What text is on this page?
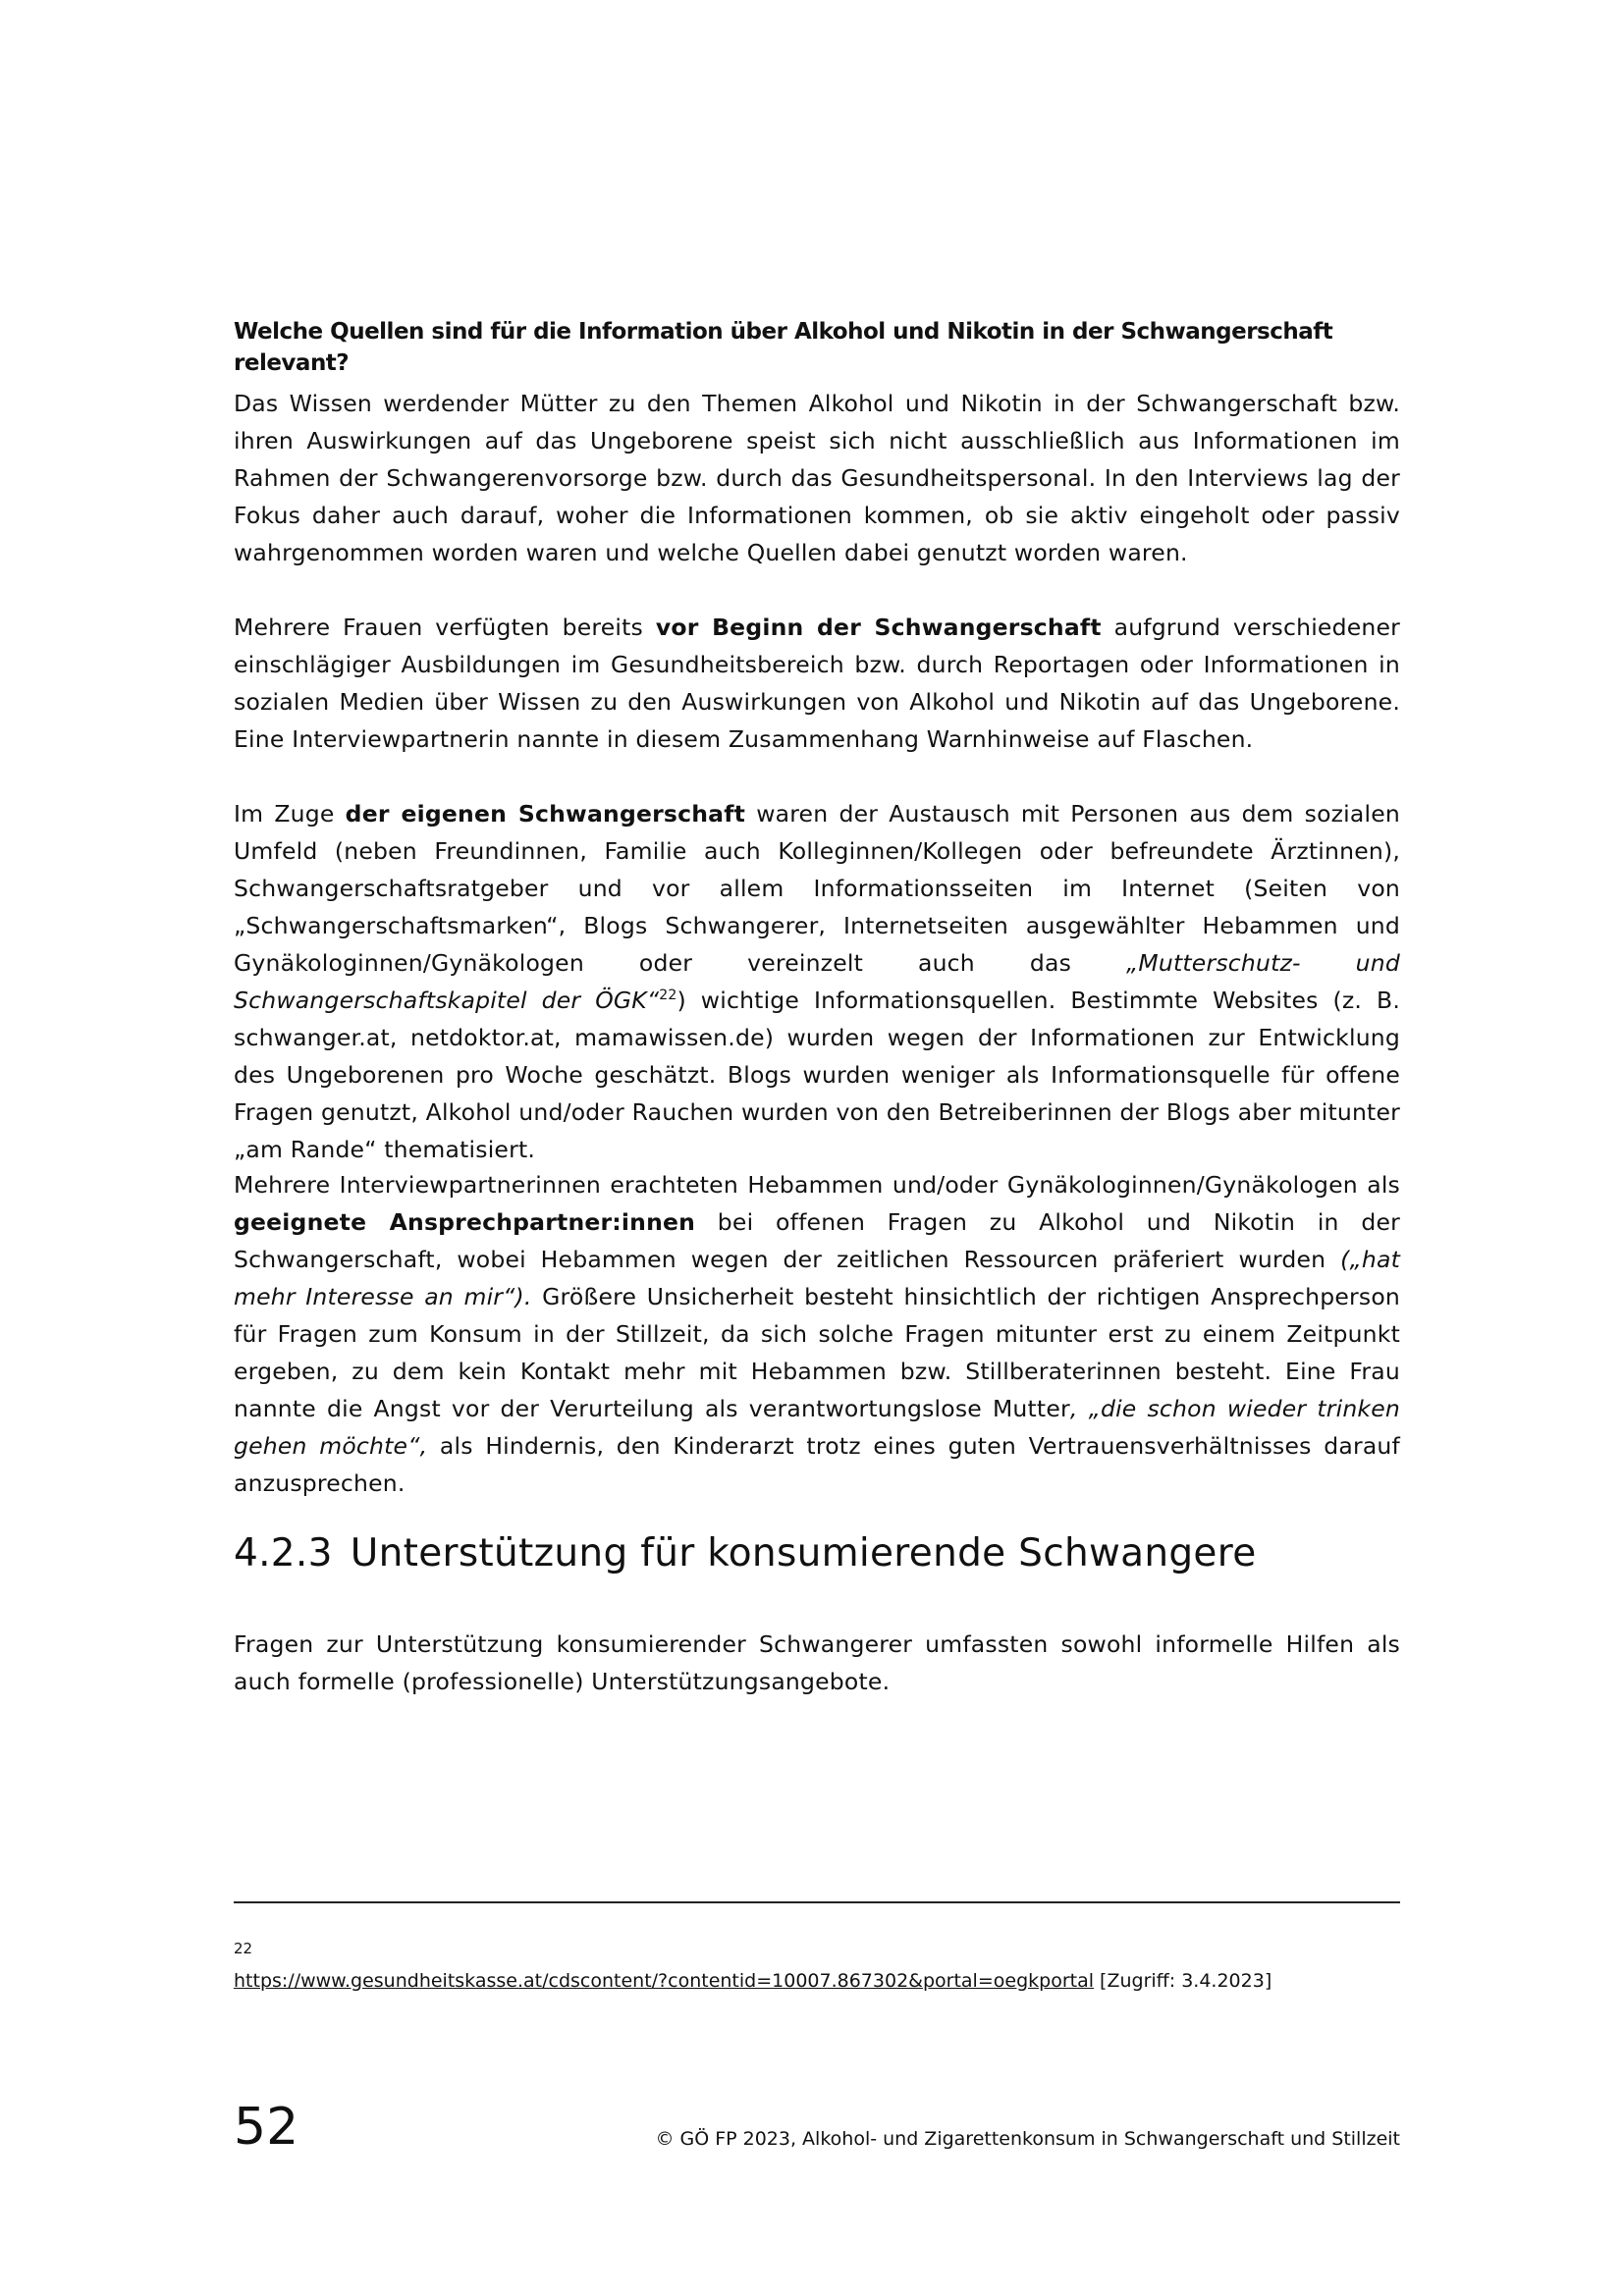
Welche Quellen sind für die Information über Alkohol und Nikotin in der Schwangerschaft relevant?

Das Wissen werdender Mütter zu den Themen Alkohol und Nikotin in der Schwangerschaft bzw. ihren Auswirkungen auf das Ungeborene speist sich nicht ausschließlich aus Informationen im Rahmen der Schwangerenvorsorge bzw. durch das Gesundheitspersonal. In den Interviews lag der Fokus daher auch darauf, woher die Informationen kommen, ob sie aktiv eingeholt oder passiv wahrgenommen worden waren und welche Quellen dabei genutzt worden waren.

Mehrere Frauen verfügten bereits vor Beginn der Schwangerschaft aufgrund verschiedener einschlägiger Ausbildungen im Gesundheitsbereich bzw. durch Reportagen oder Informationen in sozialen Medien über Wissen zu den Auswirkungen von Alkohol und Nikotin auf das Ungeborene. Eine Interviewpartnerin nannte in diesem Zusammenhang Warnhinweise auf Flaschen.

Im Zuge der eigenen Schwangerschaft waren der Austausch mit Personen aus dem sozialen Umfeld (neben Freundinnen, Familie auch Kolleginnen/Kollegen oder befreundete Ärztinnen), Schwangerschaftsratgeber und vor allem Informationsseiten im Internet (Seiten von „Schwangerschaftsmarken“, Blogs Schwangerer, Internetseiten ausgewählter Hebammen und Gynäkologinnen/Gynäkologen oder vereinzelt auch das „Mutterschutz- und Schwangerschaftskapitel der ÖGK“$^{22}$) wichtige Informationsquellen. Bestimmte Websites (z. B. schwanger.at, netdoktor.at, mamawissen.de) wurden wegen der Informationen zur Entwicklung des Ungeborenen pro Woche geschätzt. Blogs wurden weniger als Informationsquelle für offene Fragen genutzt, Alkohol und/oder Rauchen wurden von den Betreiberinnen der Blogs aber mitunter „am Rande“ thematisiert.

Mehrere Interviewpartnerinnen erachteten Hebammen und/oder Gynäkologinnen/Gynäkologen als geeignete Ansprechpartner:innen bei offenen Fragen zu Alkohol und Nikotin in der Schwangerschaft, wobei Hebammen wegen der zeitlichen Ressourcen präferiert wurden („hat mehr Interesse an mir“). Größere Unsicherheit besteht hinsichtlich der richtigen Ansprechperson für Fragen zum Konsum in der Stillzeit, da sich solche Fragen mitunter erst zu einem Zeitpunkt ergeben, zu dem kein Kontakt mehr mit Hebammen bzw. Stillberaterinnen besteht. Eine Frau nannte die Angst vor der Verurteilung als verantwortungslose Mutter, „die schon wieder trinken gehen möchte“, als Hindernis, den Kinderarzt trotz eines guten Vertrauensverhältnisses darauf anzusprechen.

4.2.3 Unterstützung für konsumierende Schwangere

Fragen zur Unterstützung konsumierender Schwangerer umfassten sowohl informelle Hilfen als auch formelle (professionelle) Unterstützungsangebote.

22
https://www.gesundheitskasse.at/cdscontent/?contentid=10007.867302&portal=oegkportal [Zugriff: 3.4.2023]
52	© GÖ FP 2023, Alkohol- und Zigarettenkonsum in Schwangerschaft und Stillzeit
